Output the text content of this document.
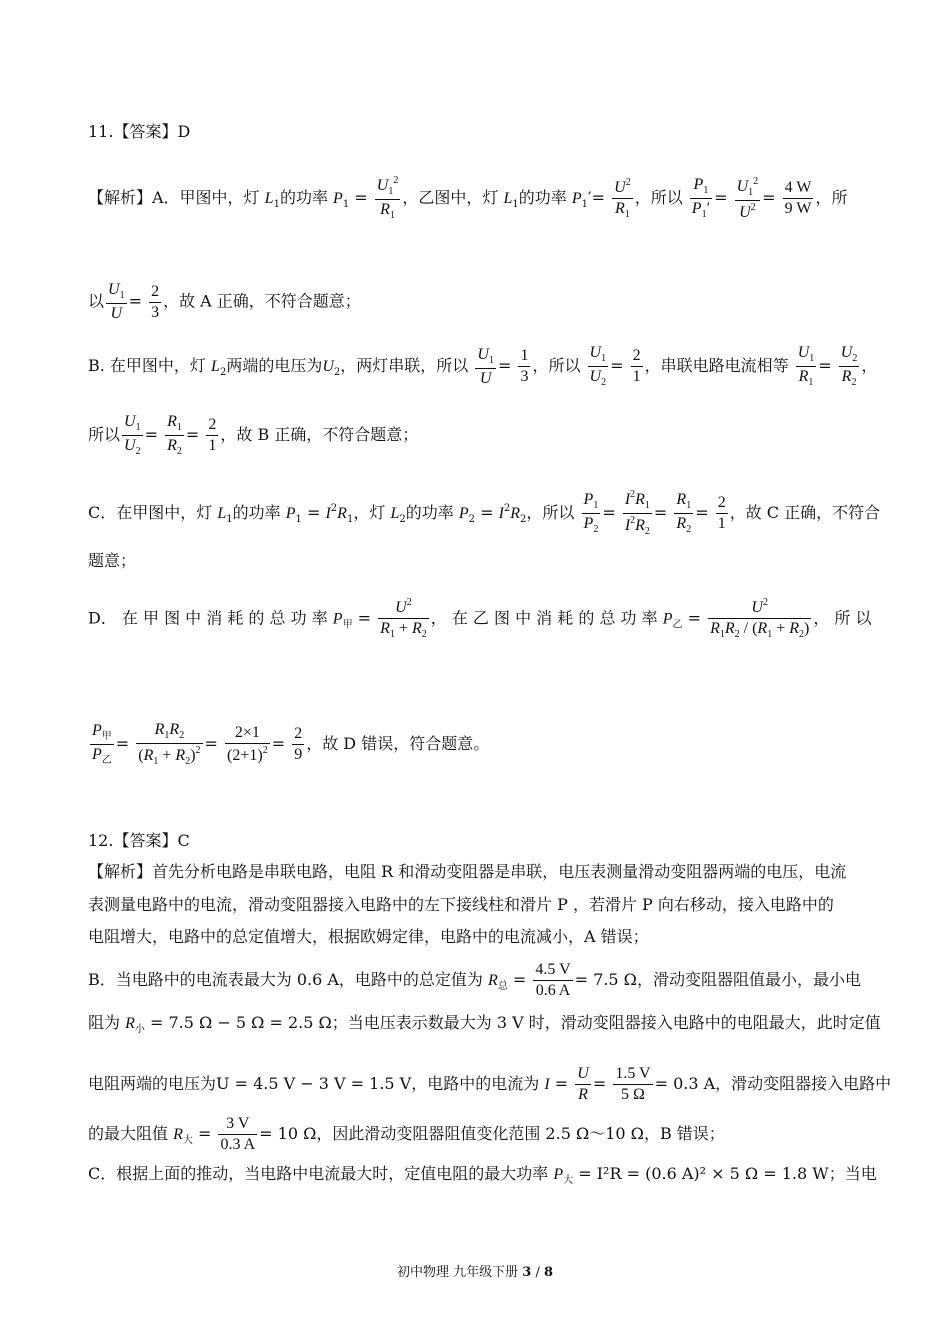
11.【答案】D
【解析】A．甲图中，灯 $L_1$的功率 $P_1 = \frac{U_1^2}{R_1}$ ，乙图中，灯 $L_1$的功率 $P_1'= \frac{U^2}{R_1}$ ，所以 $\frac{P_1}{P_1'} = \frac{U_1^2}{U^2} = \frac{4 W}{9 W}$ ，所
以 $\frac{U_1}{U} = \frac{2}{3}$ ，故 A 正确，不符合题意；
B. 在甲图中，灯 $L_2$两端的电压为$U_2$，两灯串联，所以 $\frac{U_1}{U} = \frac{1}{3}$ ，所以 $\frac{U_1}{U_2} = \frac{2}{1}$ ，串联电路电流相等 $\frac{U_1}{R_1} = \frac{U_2}{R_2}$ ，
所以 $\frac{U_1}{U_2} = \frac{R_1}{R_2} = \frac{2}{1}$ ，故 B 正确，不符合题意；
C．在甲图中，灯 $L_1$的功率 $P_1 = I^2R_1$，灯 $L_2$的功率 $P_2 = I^2R_2$，所以 $\frac{P_1}{P_2} = \frac{I^2R_1}{I^2R_2} = \frac{R_1}{R_2} = \frac{2}{1}$ ，故 C 正确，不符合
题意；
D． 在 甲 图 中 消 耗 的 总 功 率 $P_甲 = \frac{U^2}{R_1 + R_2}$ ， 在 乙 图 中 消 耗 的 总 功 率 $P_乙 = \frac{U^2}{R_1R_2 / (R_1 + R_2)}$ ， 所 以
$\frac{P_甲}{P_乙} = \frac{R_1R_2}{(R_1 + R_2)^2} = \frac{2\times 1}{(2+1)^2} = \frac{2}{9}$ ，故 D 错误，符合题意。
12.【答案】C
【解析】首先分析电路是串联电路，电阻 R 和滑动变阻器是串联，电压表测量滑动变阻器两端的电压，电流
表测量电路中的电流，滑动变阻器接入电路中的左下接线柱和滑片 P ，若滑片 P 向右移动，接入电路中的
电阻增大，电路中的总定值增大，根据欧姆定律，电路中的电流减小，A 错误；
B．当电路中的电流表最大为 0.6 A，电路中的总定值为 $R_总 = \frac{4.5 V}{0.6 A} = 7.5$ Ω，滑动变阻器阻值最小，最小电
阻为 $R_小 = 7.5$ Ω − 5 Ω = 2.5 Ω；当电压表示数最大为 3 V 时，滑动变阻器接入电路中的电阻最大，此时定值
电阻两端的电压为U = 4.5 V − 3 V = 1.5 V，电路中的电流为 $I = \frac{U}{R} = \frac{1.5 V}{5 \Omega} = 0.3$ A，滑动变阻器接入电路中
的最大阻值 $R_大 = \frac{3 V}{0.3 A} = 10$ Ω，因此滑动变阻器阻值变化范围 2.5 Ω～10 Ω，B 错误；
C．根据上面的推动，当电路中电流最大时，定值电阻的最大功率 $P_大 = I^2R = (0.6$ A)² × 5 Ω = 1.8 W；当电
初中物理 九年级下册 3 / 8
